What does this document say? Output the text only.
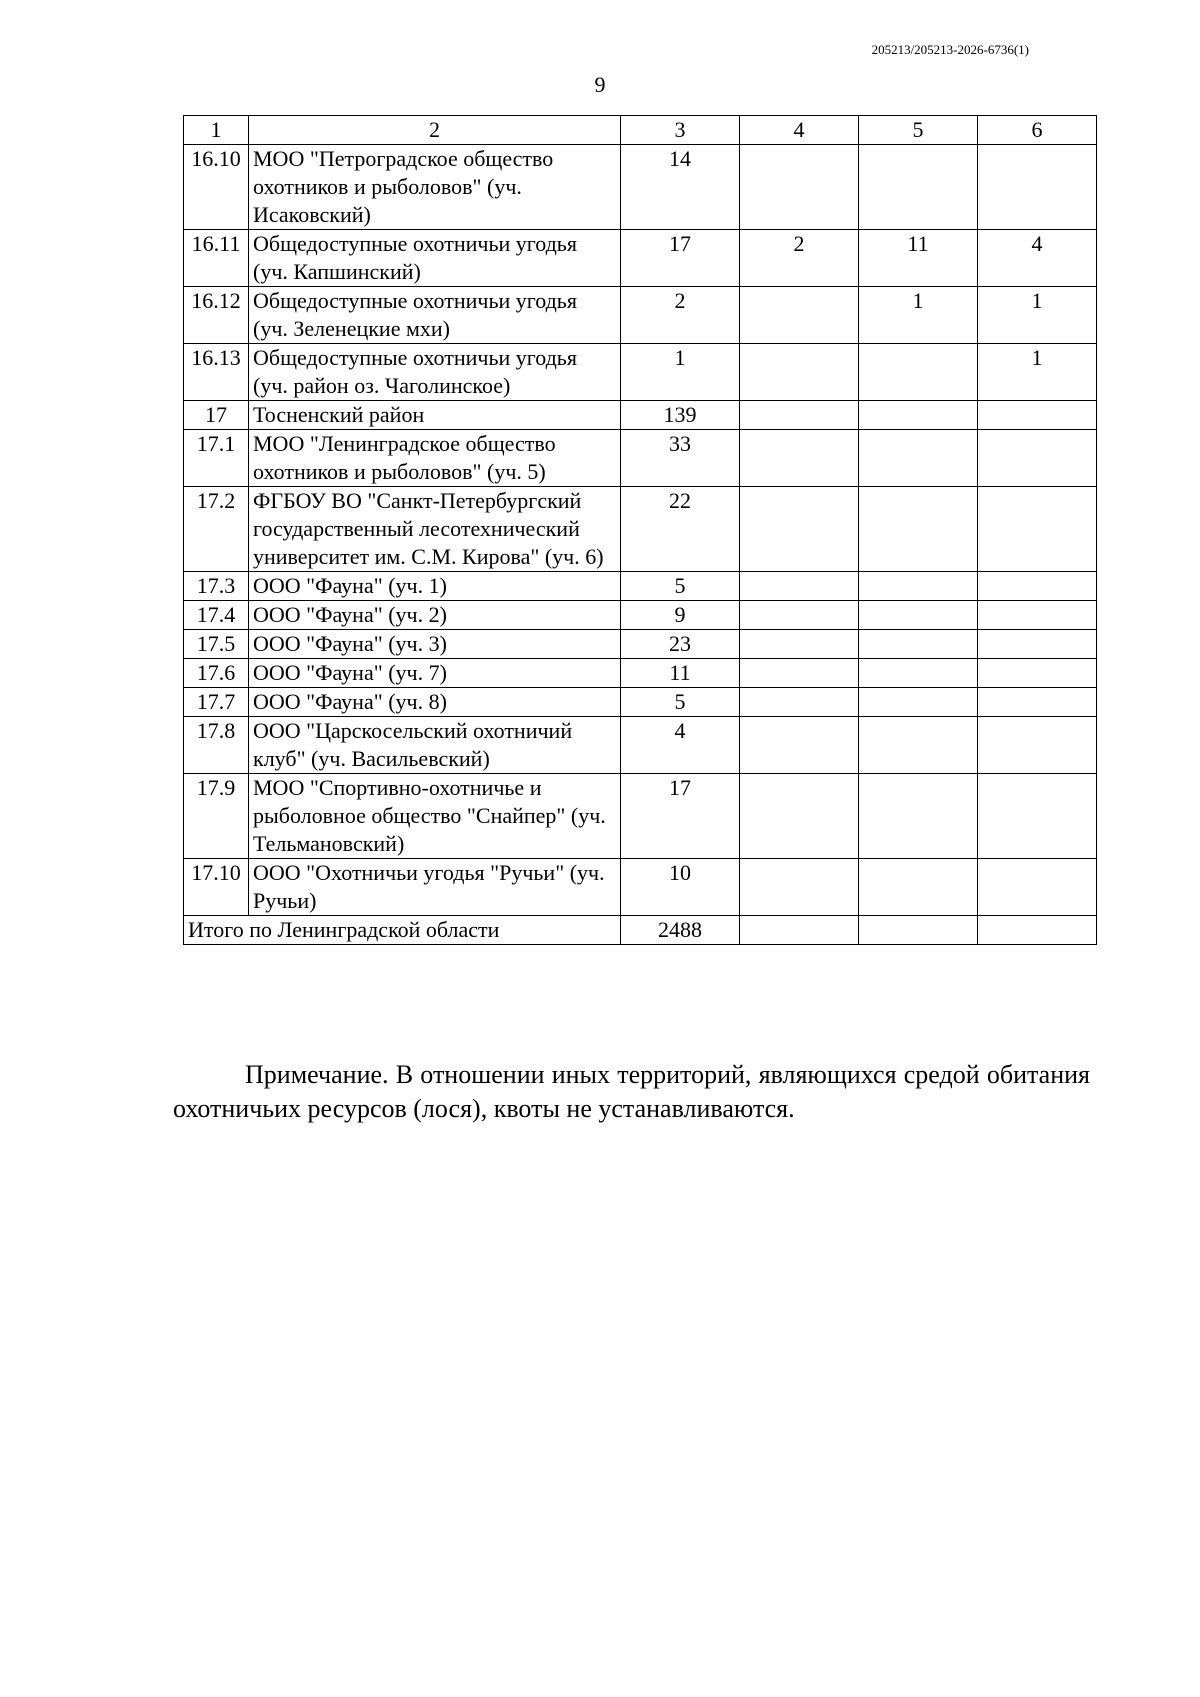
205213/205213-2026-6736(1)
9
1	2	3	4	5	6
16.10	МОО "Петроградское общество охотников и рыболовов" (уч. Исаковский)	14			
16.11	Общедоступные охотничьи угодья (уч. Капшинский)	17	2	11	4
16.12	Общедоступные охотничьи угодья (уч. Зеленецкие мхи)	2		1	1
16.13	Общедоступные охотничьи угодья (уч. район оз. Чаголинское)	1			1
17	Тосненский район	139			
17.1	МОО "Ленинградское общество охотников и рыболовов" (уч. 5)	33			
17.2	ФГБОУ ВО "Санкт-Петербургский государственный лесотехнический университет им. С.М. Кирова" (уч. 6)	22			
17.3	ООО "Фауна" (уч. 1)	5			
17.4	ООО "Фауна" (уч. 2)	9			
17.5	ООО "Фауна" (уч. 3)	23			
17.6	ООО "Фауна" (уч. 7)	11			
17.7	ООО "Фауна" (уч. 8)	5			
17.8	ООО "Царскосельский охотничий клуб" (уч. Васильевский)	4			
17.9	МОО "Спортивно-охотничье и рыболовное общество "Снайпер" (уч. Тельмановский)	17			
17.10	ООО "Охотничьи угодья "Ручьи" (уч. Ручьи)	10			
Итого по Ленинградской области		2488			
Примечание. В отношении иных территорий, являющихся средой обитания охотничьих ресурсов (лося), квоты не устанавливаются.
